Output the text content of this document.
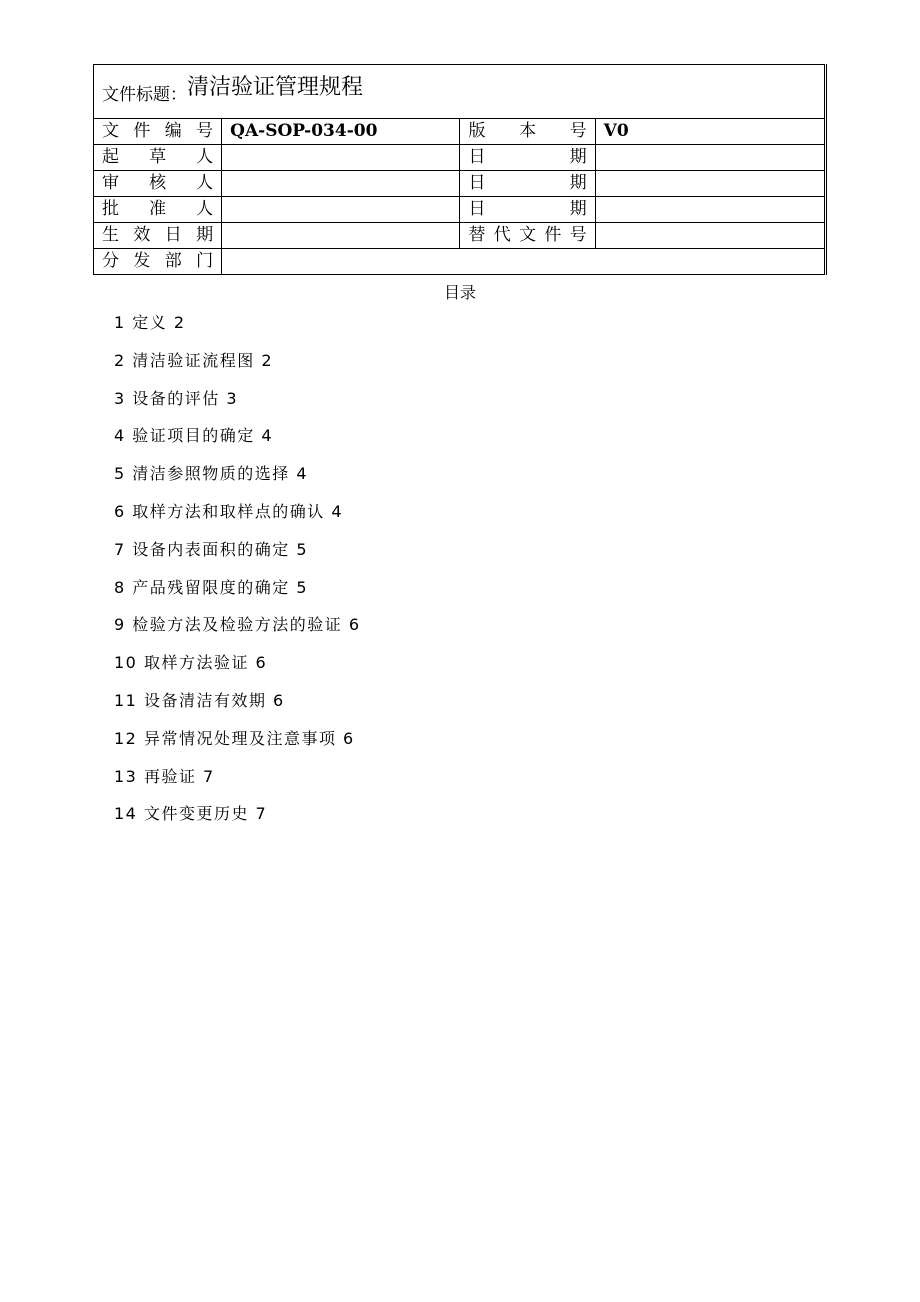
文件标题：清洁验证管理规程			
文件编号	QA-SOP-034-00	版本号	V0
起草人		日期	
审核人		日期	
批准人		日期	
生效日期		替代文件号	
分发部门			
目录
1 定义 2
2 清洁验证流程图 2
3 设备的评估 3
4 验证项目的确定 4
5 清洁参照物质的选择 4
6 取样方法和取样点的确认 4
7 设备内表面积的确定 5
8 产品残留限度的确定 5
9 检验方法及检验方法的验证 6
10 取样方法验证 6
11 设备清洁有效期 6
12 异常情况处理及注意事项 6
13 再验证 7
14 文件变更历史 7
